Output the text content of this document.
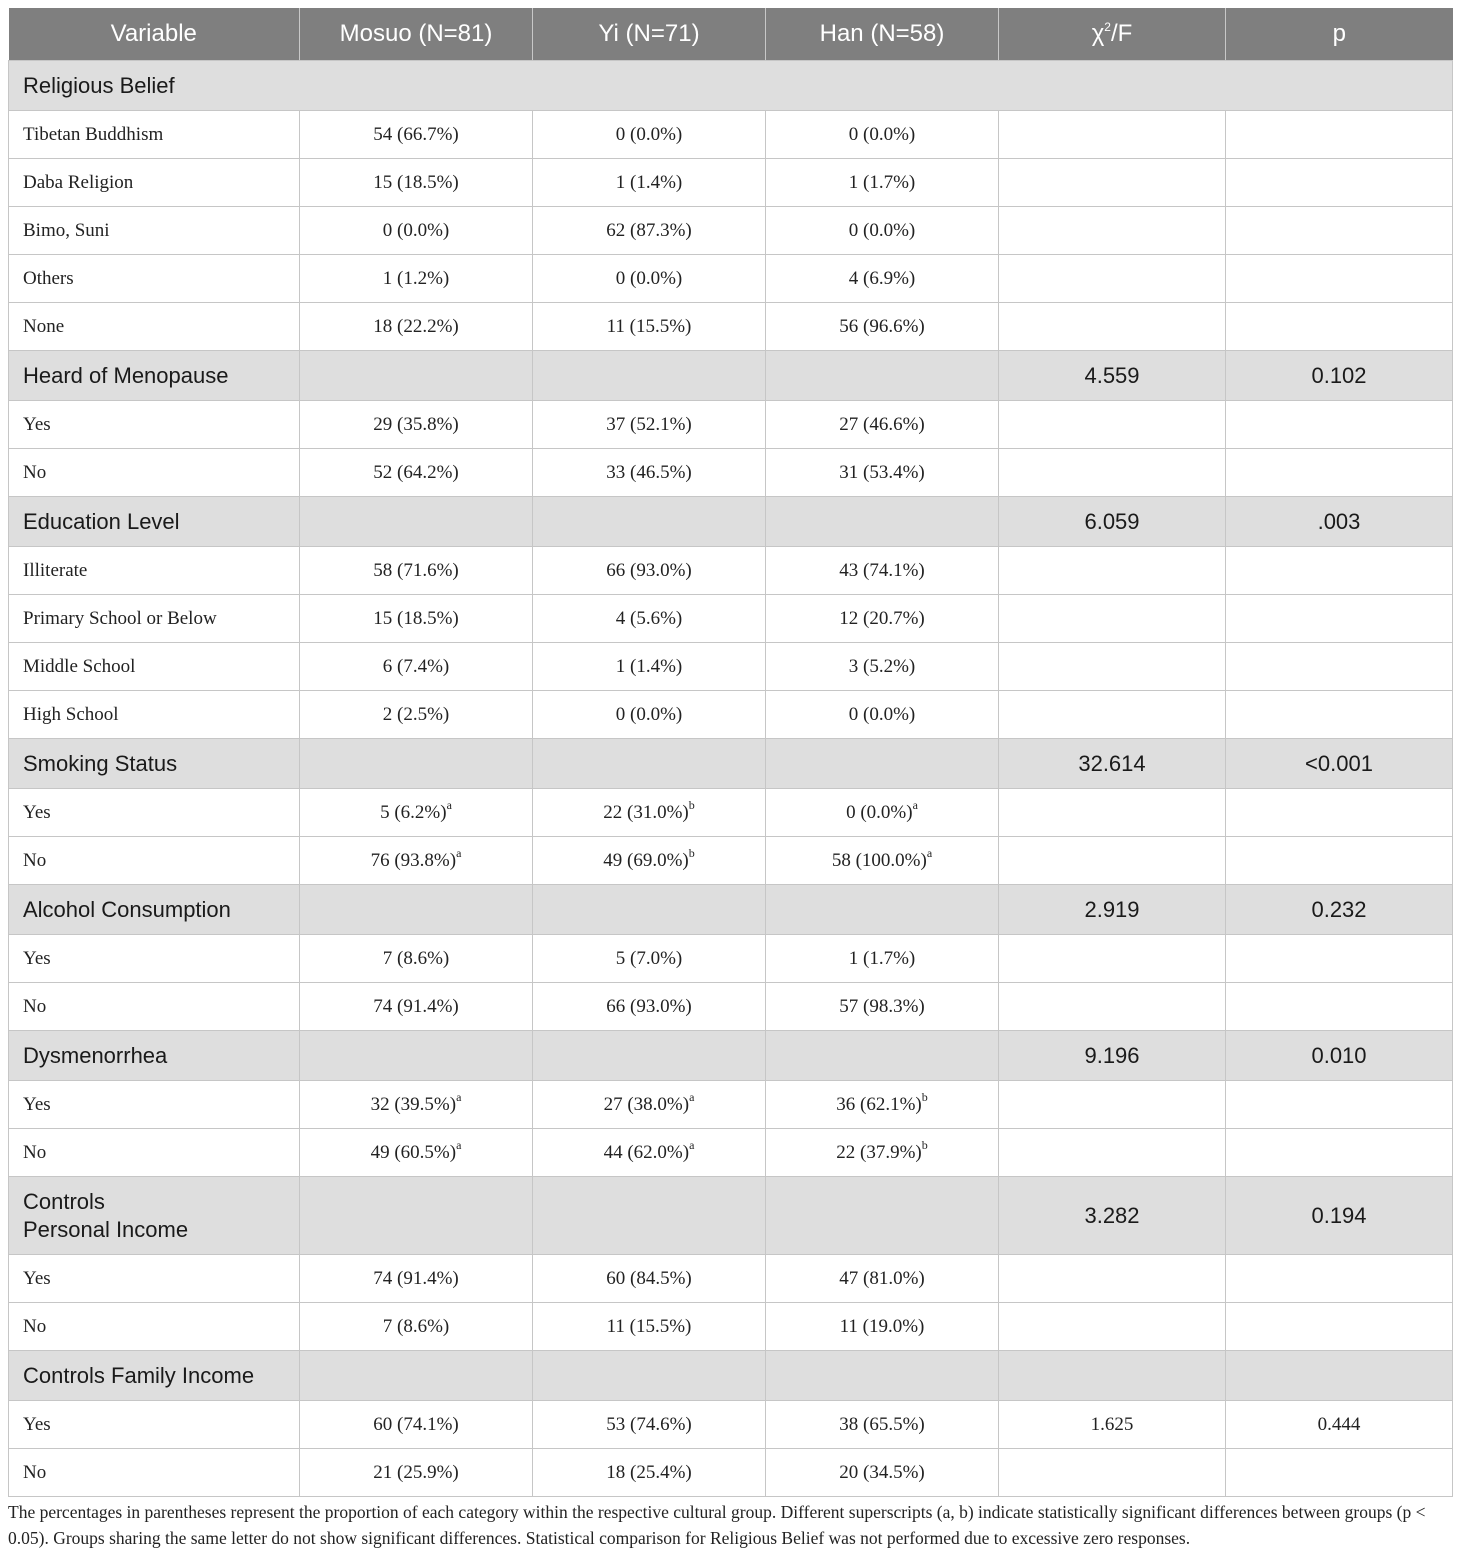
Variable	Mosuo (N=81)	Yi (N=71)	Han (N=58)	$\chi^2/F$	p
Religious Belief					
Tibetan Buddhism	54 (66.7%)	0 (0.0%)	0 (0.0%)		
Daba Religion	15 (18.5%)	1 (1.4%)	1 (1.7%)		
Bimo, Suni	0 (0.0%)	62 (87.3%)	0 (0.0%)		
Others	1 (1.2%)	0 (0.0%)	4 (6.9%)		
None	18 (22.2%)	11 (15.5%)	56 (96.6%)		
Heard of Menopause				4.559	0.102
Yes	29 (35.8%)	37 (52.1%)	27 (46.6%)		
No	52 (64.2%)	33 (46.5%)	31 (53.4%)		
Education Level				6.059	.003
Illiterate	58 (71.6%)	66 (93.0%)	43 (74.1%)		
Primary School or Below	15 (18.5%)	4 (5.6%)	12 (20.7%)		
Middle School	6 (7.4%)	1 (1.4%)	3 (5.2%)		
High School	2 (2.5%)	0 (0.0%)	0 (0.0%)		
Smoking Status				32.614	<0.001
Yes	5 $(6.2\%)^a$	22 $(31.0\%)^b$	0 $(0.0\%)^a$		
No	76 $(93.8\%)^a$	49 $(69.0\%)^b$	58 $(100.0\%)^a$		
Alcohol Consumption				2.919	0.232
Yes	7 (8.6%)	5 (7.0%)	1 (1.7%)		
No	74 (91.4%)	66 (93.0%)	57 (98.3%)		
Dysmenorrhea				9.196	0.010
Yes	32 $(39.5\%)^a$	27 $(38.0\%)^a$	36 $(62.1\%)^b$		
No	49 $(60.5\%)^a$	44 $(62.0\%)^a$	22 $(37.9\%)^b$		
Controls
Personal Income				3.282	0.194
Yes	74 (91.4%)	60 (84.5%)	47 (81.0%)		
No	7 (8.6%)	11 (15.5%)	11 (19.0%)		
Controls Family Income					
Yes	60 (74.1%)	53 (74.6%)	38 (65.5%)	1.625	0.444
No	21 (25.9%)	18 (25.4%)	20 (34.5%)		
The percentages in parentheses represent the proportion of each category within the respective cultural group. Different superscripts (a, b) indicate statistically significant differences between groups (p < 0.05). Groups sharing the same letter do not show significant differences. Statistical comparison for Religious Belief was not performed due to excessive zero responses.
